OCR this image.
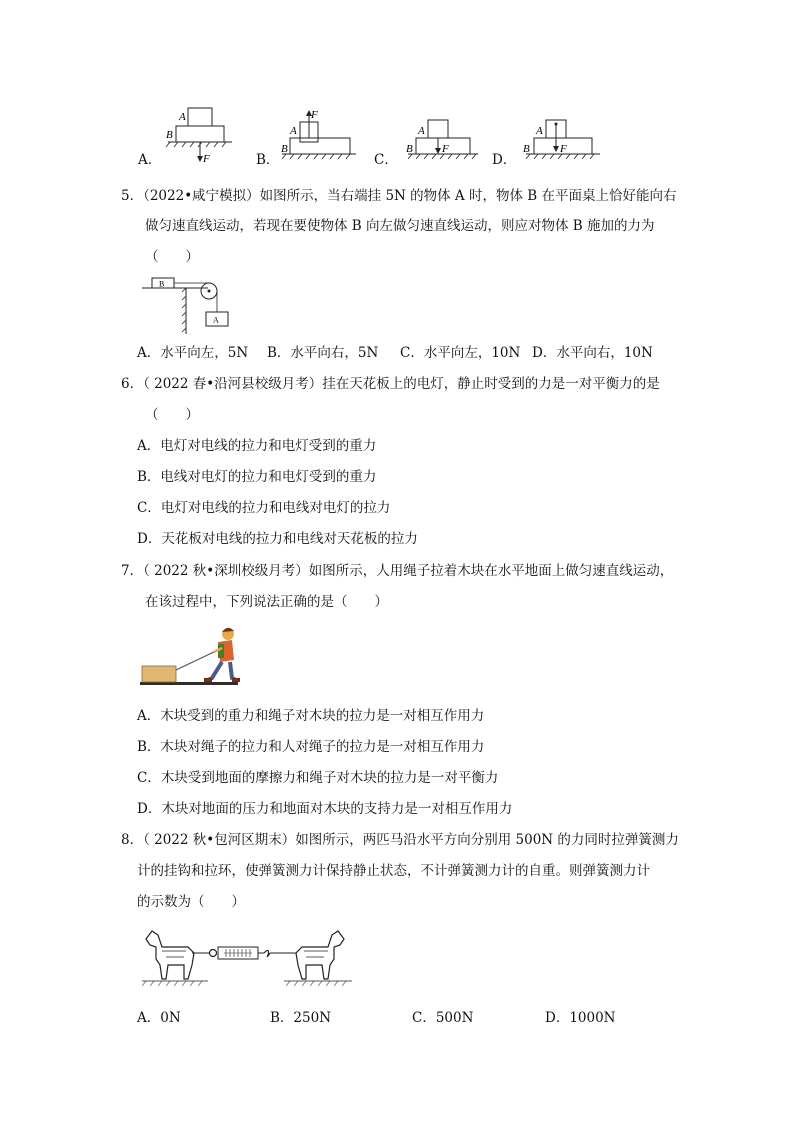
A．
A
B
F	B．
F
A
B
C．
F
A
B
D．
F
A
B
5．（2022•咸宁模拟）如图所示，当右端挂 5N 的物体 A 时，物体 B 在平面桌上恰好能向右
做匀速直线运动，若现在要使物体 B 向左做匀速直线运动，则应对物体 B 施加的力为
（　　）
B
A
A．水平向左，5N B．水平向右，5N C．水平向左，10N D．水平向右，10N
6．（ 2022 春•沿河县校级月考）挂在天花板上的电灯，静止时受到的力是一对平衡力的是
（　　）
A．电灯对电线的拉力和电灯受到的重力
B．电线对电灯的拉力和电灯受到的重力
C．电灯对电线的拉力和电线对电灯的拉力
D．天花板对电线的拉力和电线对天花板的拉力
7．（ 2022 秋•深圳校级月考）如图所示，人用绳子拉着木块在水平地面上做匀速直线运动，
在该过程中，下列说法正确的是（　　）
A．木块受到的重力和绳子对木块的拉力是一对相互作用力
B．木块对绳子的拉力和人对绳子的拉力是一对相互作用力
C．木块受到地面的摩擦力和绳子对木块的拉力是一对平衡力
D．木块对地面的压力和地面对木块的支持力是一对相互作用力
8．（ 2022 秋•包河区期末）如图所示，两匹马沿水平方向分别用 500N 的力同时拉弹簧测力
计的挂钩和拉环，使弹簧测力计保持静止状态，不计弹簧测力计的自重。则弹簧测力计
的示数为（　　）
A．0N	B．250N	C．500N	D．1000N
